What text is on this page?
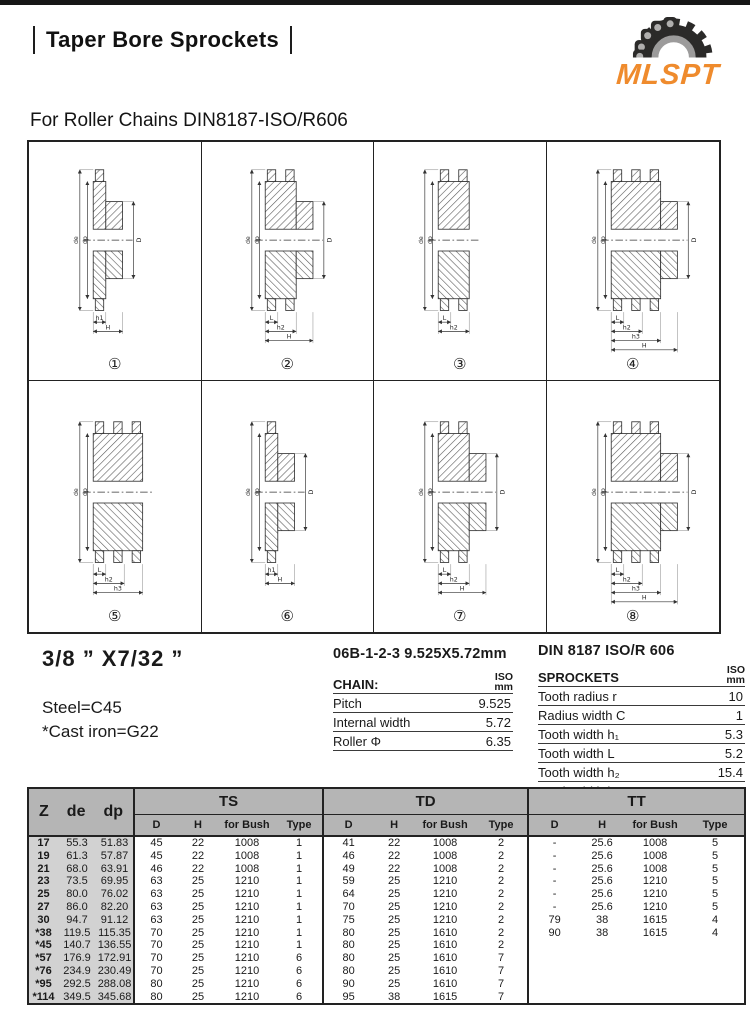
Taper Bore Sprockets
MLSPT
For Roller Chains DIN8187-ISO/R606
de dp	D
h1
H
①
de dp	D
L
h2
H
②
de dp
L
h2
③
de dp	D
L
h2
h3
H
④
de dp
L
h2
h3
⑤
de dp	D
h1
H
⑥
de dp	D
L
h2
H
⑦
de dp	D
L
h2
h3
H
⑧
3/8 ” X7/32 ”
Steel=C45
*Cast iron=G22
06B-1-2-3 9.525X5.72mm
CHAIN:	ISO
mm
Pitch	9.525
Internal width	5.72
Roller Φ	6.35
DIN 8187 ISO/R 606
SPROCKETS	ISO
mm
Tooth radius r	10
Radius width C	1
Tooth width h₁	5.3
Tooth width L	5.2
Tooth width h₂	15.4
Z de dp			TS				TD				TT			
			D	H	for Bush	Type	D	H	for Bush	Type	D	H	for Bush	Type
17	55.3	51.83	45	22	1008	1	41	22	1008	2	-	25.6	1008	5
19	61.3	57.87	45	22	1008	1	46	22	1008	2	-	25.6	1008	5
21	68.0	63.91	46	22	1008	1	49	22	1008	2	-	25.6	1008	5
23	73.5	69.95	63	25	1210	1	59	25	1210	2	-	25.6	1210	5
25	80.0	76.02	63	25	1210	1	64	25	1210	2	-	25.6	1210	5
27	86.0	82.20	63	25	1210	1	70	25	1210	2	-	25.6	1210	5
30	94.7	91.12	63	25	1210	1	75	25	1210	2	79	38	1615	4
*38	119.5	115.35	70	25	1210	1	80	25	1610	2	90	38	1615	4
*45	140.7	136.55	70	25	1210	1	80	25	1610	2				
*57	176.9	172.91	70	25	1210	6	80	25	1610	7				
*76	234.9	230.49	70	25	1210	6	80	25	1610	7				
*95	292.5	288.08	80	25	1210	6	90	25	1610	7				
*114	349.5	345.68	80	25	1210	6	95	38	1615	7				
